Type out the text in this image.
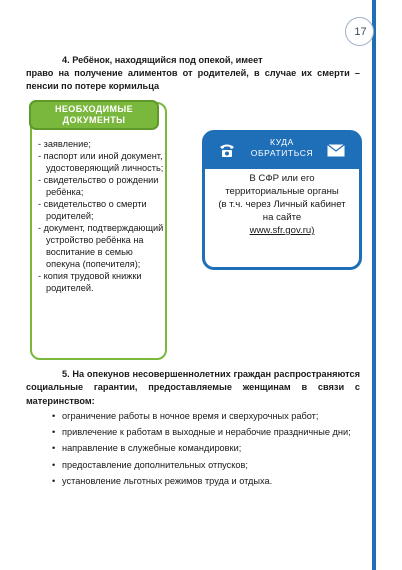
17
4. Ребёнок, находящийся под опекой, имеет
право на получение алиментов от родителей, в случае их смерти – пенсии по потере кормильца
НЕОБХОДИМЫЕ
ДОКУМЕНТЫ
- заявление;
- паспорт или иной документ, удостоверяющий личность;
- свидетельство о рождении ребёнка;
- свидетельство о смерти родителей;
- документ, подтверждающий устройство ребёнка на воспитание в семью опекуна (попечителя);
- копия трудовой книжки родителей.
КУДА
ОБРАТИТЬСЯ
В СФР или его территориальные органы
(в т.ч. через Личный кабинет на сайте
www.sfr.gov.ru)
5. На опекунов несовершеннолетних граждан распространяются социальные гарантии, предоставляемые женщинам в связи с материнством:
• ограничение работы в ночное время и сверхурочных работ;
• привлечение к работам в выходные и нерабочие праздничные дни;
• направление в служебные командировки;
• предоставление дополнительных отпусков;
• установление льготных режимов труда и отдыха.
